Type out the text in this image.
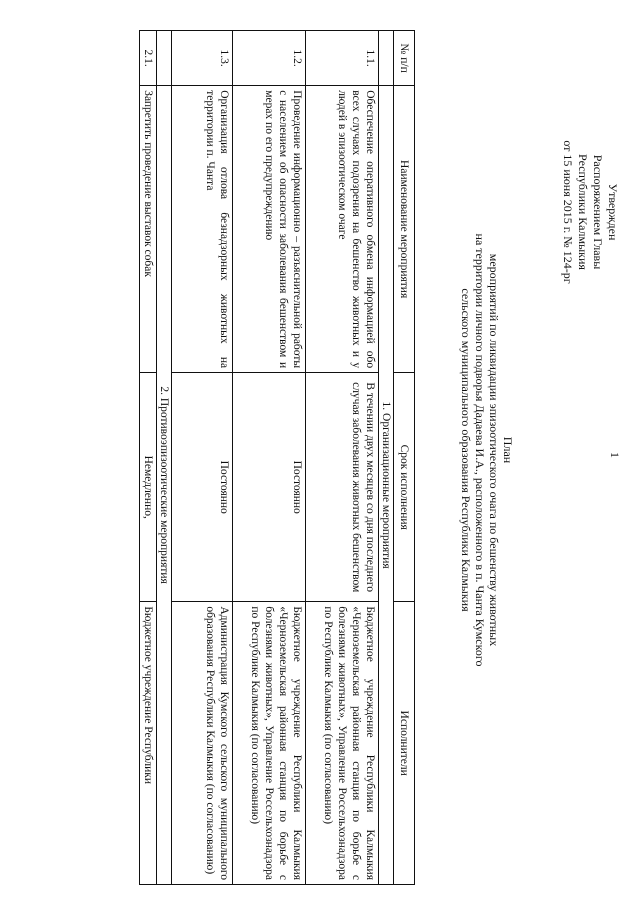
1
Утвержден
Распоряжением Главы
Республики Калмыкия
от 15 июня 2015 г. № 124-рг
План
мероприятий по ликвидации эпизоотического очага по бешенству животных
на территории личного подворья Дадаева И.А., расположенного в п. Чанта Кумского
сельского муниципального образования Республики Калмыкия
№ п/п	Наименование мероприятия	Срок исполнения	Исполнители
	1. Организационные мероприятия		
1.1.	Обеспечение оперативного обмена информацией обо всех случаях подозрения на бешенство животных и у людей в эпизоотическом очаге	В течении двух месяцев со дня последнего случая заболевания животных бешенством	Бюджетное учреждение Республики Калмыкия «Черноземельская районная станция по борьбе с болезнями животных», Управление Россельхознадзора по Республике Калмыкия (по согласованию)
1.2.	Проведение информационно – разъяснительной работы с населением об опасности заболевания бешенством и мерах по его предупреждению	Постоянно	Бюджетное учреждение Республики Калмыкия «Черноземельская районная станция по борьбе с болезнями животных», Управление Россельхознадзора по Республике Калмыкия (по согласованию)
1.3.	Организация отлова безнадзорных животных на территории п. Чанта	Постоянно	Администрация Кумского сельского муниципального образования Республики Калмыкия (по согласованию)
	2. Противоэпизоотические мероприятия		
2.1.	Запретить проведение выставок собак	Немедленно,	Бюджетное учреждение Республики
